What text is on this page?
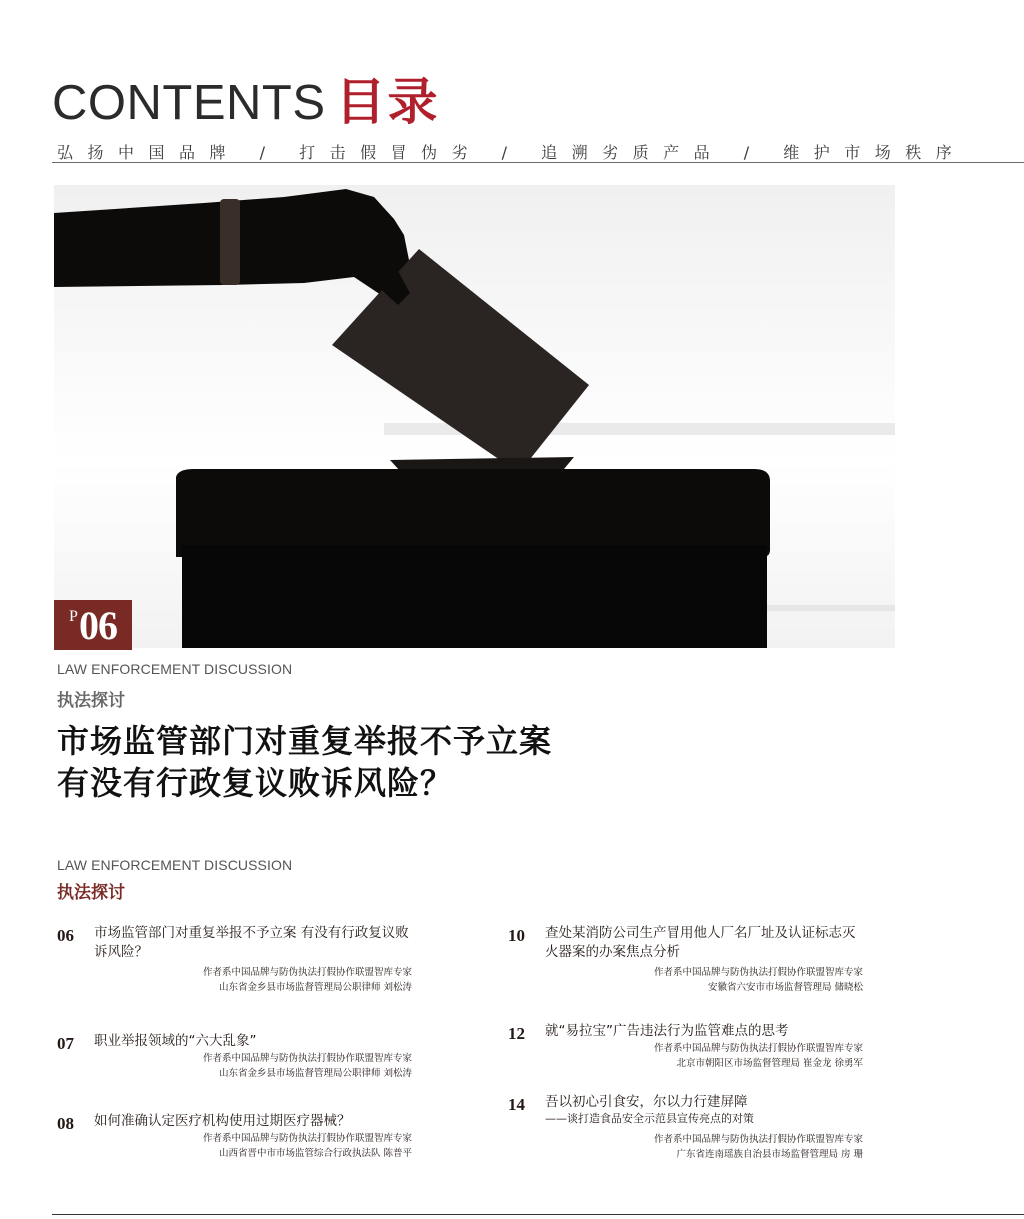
CONTENTS 目录
弘扬中国品牌 / 打击假冒伪劣 / 追溯劣质产品 / 维护市场秩序
P 06
LAW ENFORCEMENT DISCUSSION
执法探讨
市场监管部门对重复举报不予立案
有没有行政复议败诉风险？
LAW ENFORCEMENT DISCUSSION
执法探讨
06 市场监管部门对重复举报不予立案 有没有行政复议败诉风险？
作者系中国品牌与防伪执法打假协作联盟智库专家
山东省金乡县市场监督管理局公职律师 刘松涛
07 职业举报领域的“六大乱象”
作者系中国品牌与防伪执法打假协作联盟智库专家
山东省金乡县市场监督管理局公职律师 刘松涛
08 如何准确认定医疗机构使用过期医疗器械？
作者系中国品牌与防伪执法打假协作联盟智库专家
山西省晋中市市场监管综合行政执法队 陈普平
10 查处某消防公司生产冒用他人厂名厂址及认证标志灭火器案的办案焦点分析
作者系中国品牌与防伪执法打假协作联盟智库专家
安徽省六安市市场监督管理局 储晓松
12 就“易拉宝”广告违法行为监管难点的思考
作者系中国品牌与防伪执法打假协作联盟智库专家
北京市朝阳区市场监督管理局 崔金龙 徐勇军
14 吾以初心引食安，尔以力行建屏障
——谈打造食品安全示范县宣传亮点的对策
作者系中国品牌与防伪执法打假协作联盟智库专家
广东省连南瑶族自治县市场监督管理局 房 珊
